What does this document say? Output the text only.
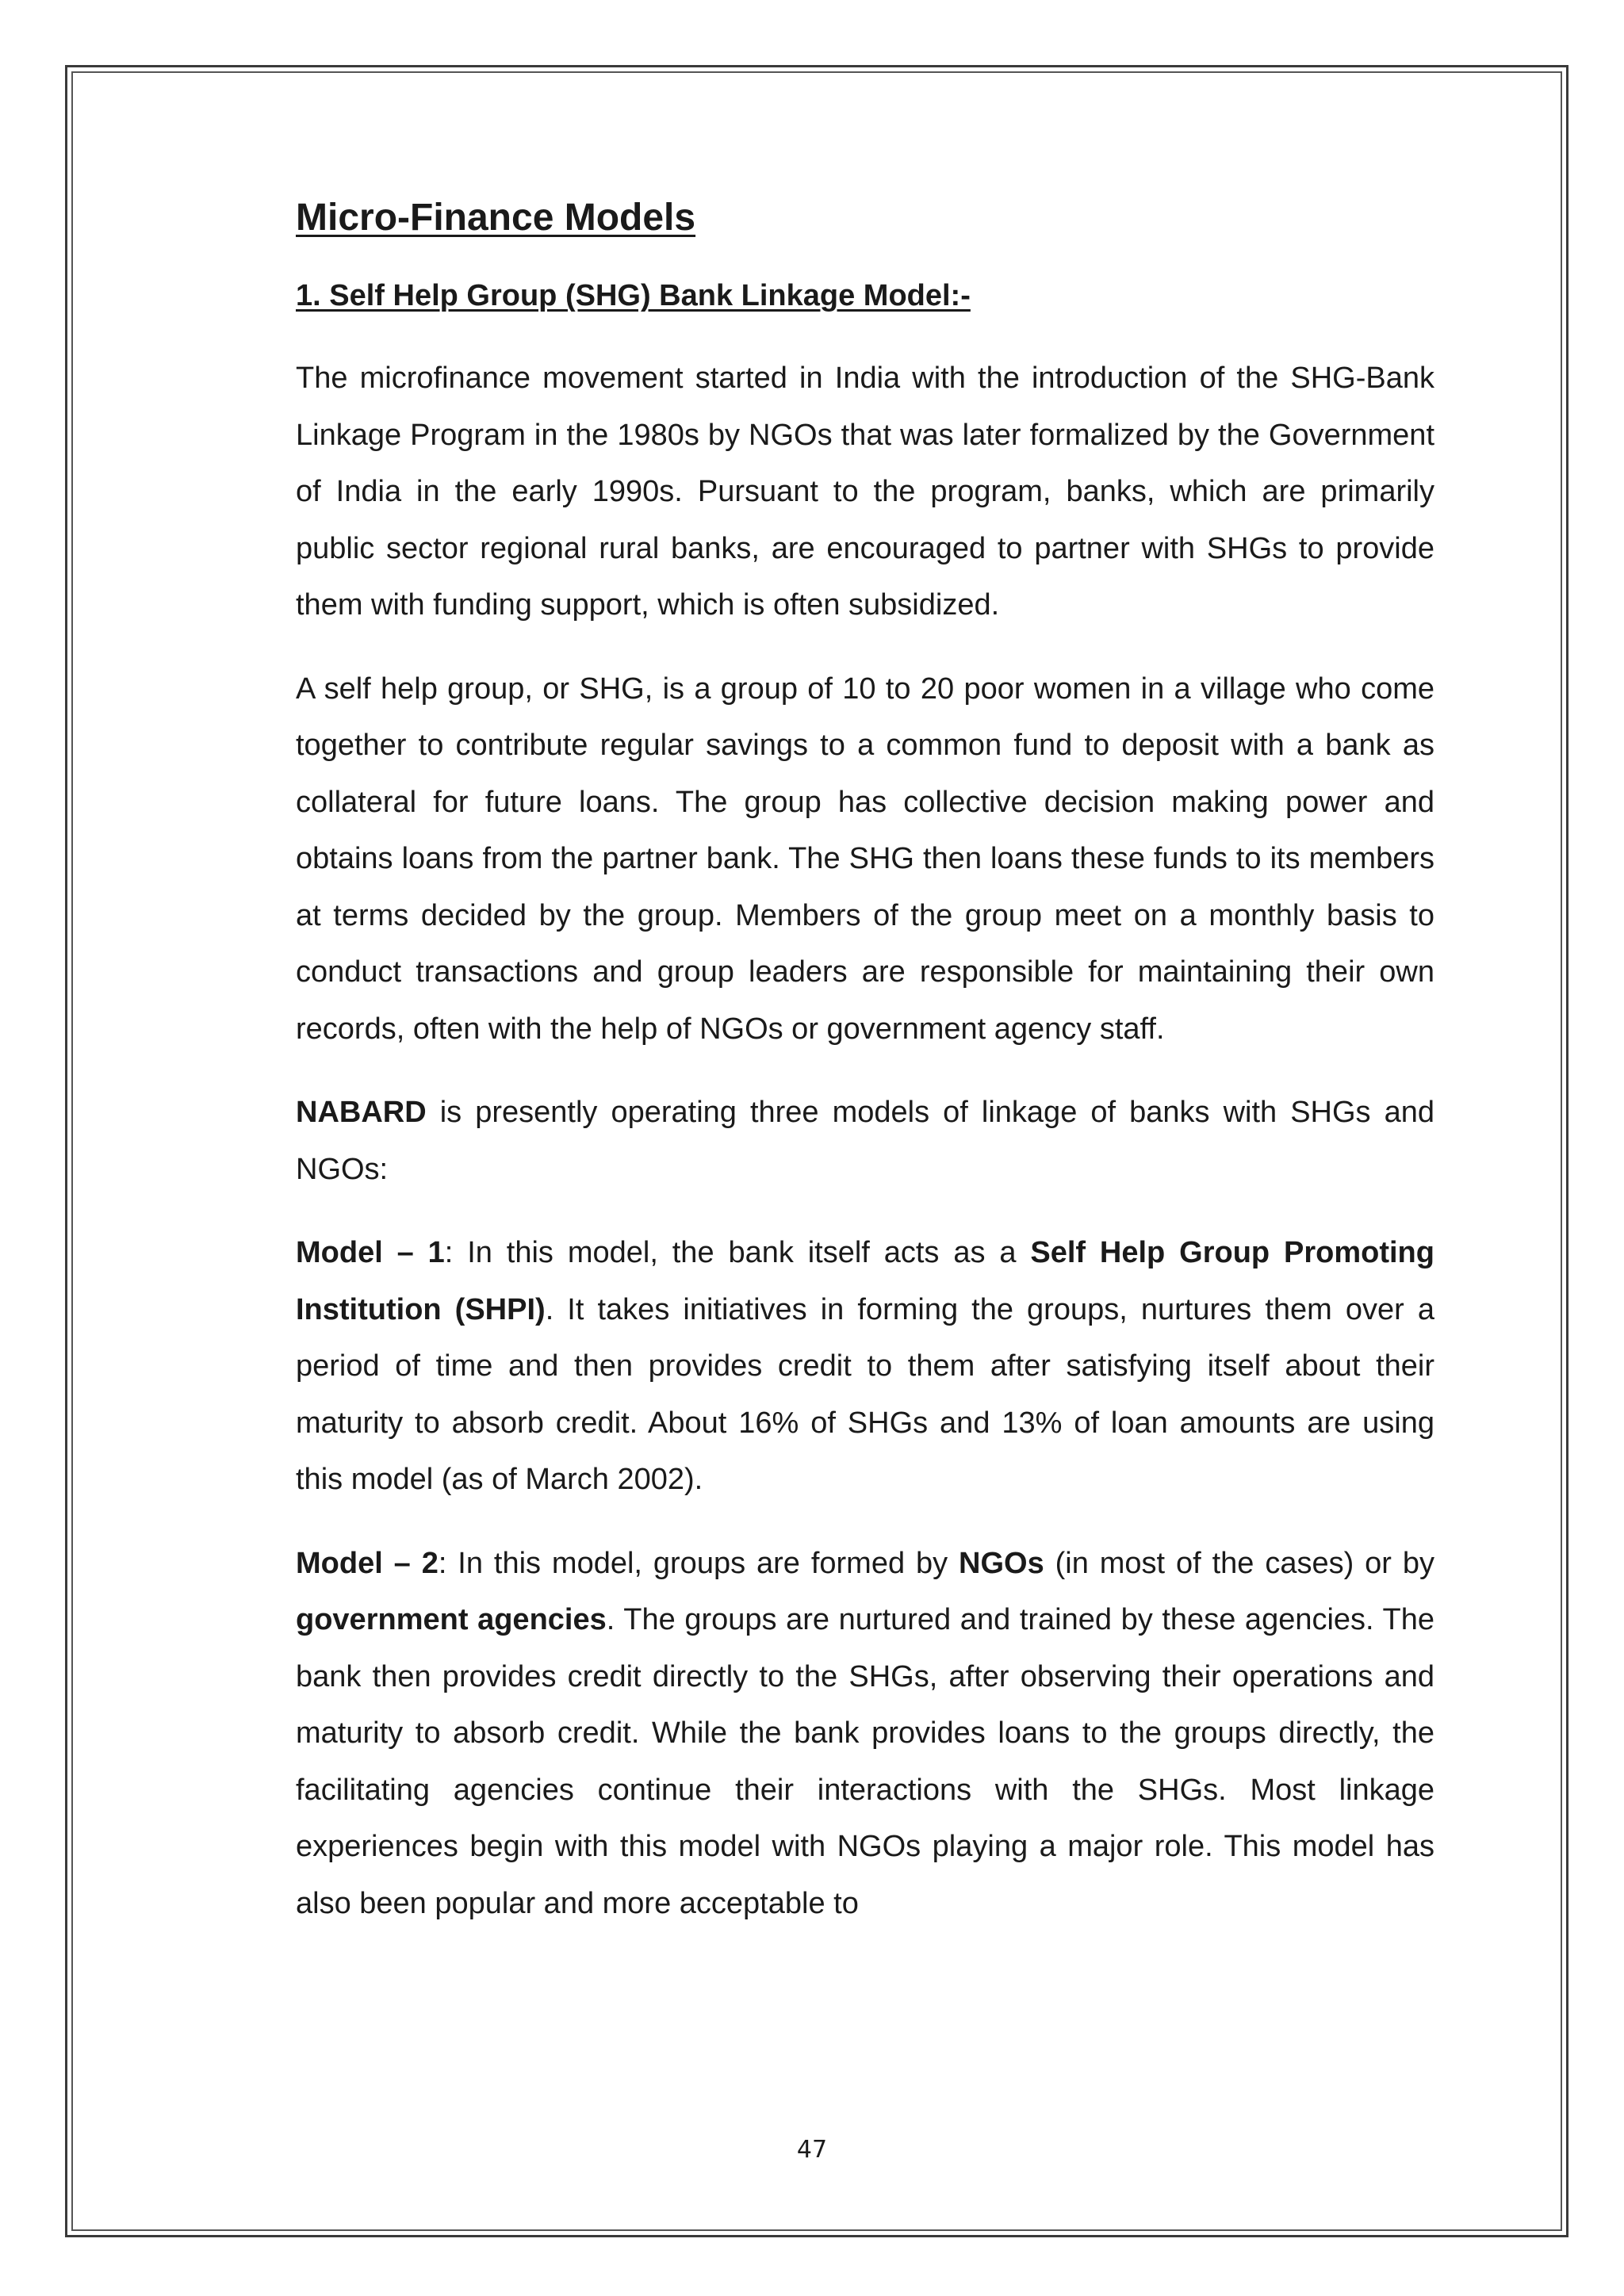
Micro-Finance Models
1. Self Help Group (SHG) Bank Linkage Model:-

The microfinance movement started in India with the introduction of the SHG-Bank Linkage Program in the 1980s by NGOs that was later formalized by the Government of India in the early 1990s. Pursuant to the program, banks, which are primarily public sector regional rural banks, are encouraged to partner with SHGs to provide them with funding support, which is often subsidized.

A self help group, or SHG, is a group of 10 to 20 poor women in a village who come together to contribute regular savings to a common fund to deposit with a bank as collateral for future loans. The group has collective decision making power and obtains loans from the partner bank. The SHG then loans these funds to its members at terms decided by the group. Members of the group meet on a monthly basis to conduct transactions and group leaders are responsible for maintaining their own records, often with the help of NGOs or government agency staff.

NABARD is presently operating three models of linkage of banks with SHGs and NGOs:

Model – 1: In this model, the bank itself acts as a Self Help Group Promoting Institution (SHPI). It takes initiatives in forming the groups, nurtures them over a period of time and then provides credit to them after satisfying itself about their maturity to absorb credit. About 16% of SHGs and 13% of loan amounts are using this model (as of March 2002).

Model – 2: In this model, groups are formed by NGOs (in most of the cases) or by government agencies. The groups are nurtured and trained by these agencies. The bank then provides credit directly to the SHGs, after observing their operations and maturity to absorb credit. While the bank provides loans to the groups directly, the facilitating agencies continue their interactions with the SHGs. Most linkage experiences begin with this model with NGOs playing a major role. This model has also been popular and more acceptable to

47
